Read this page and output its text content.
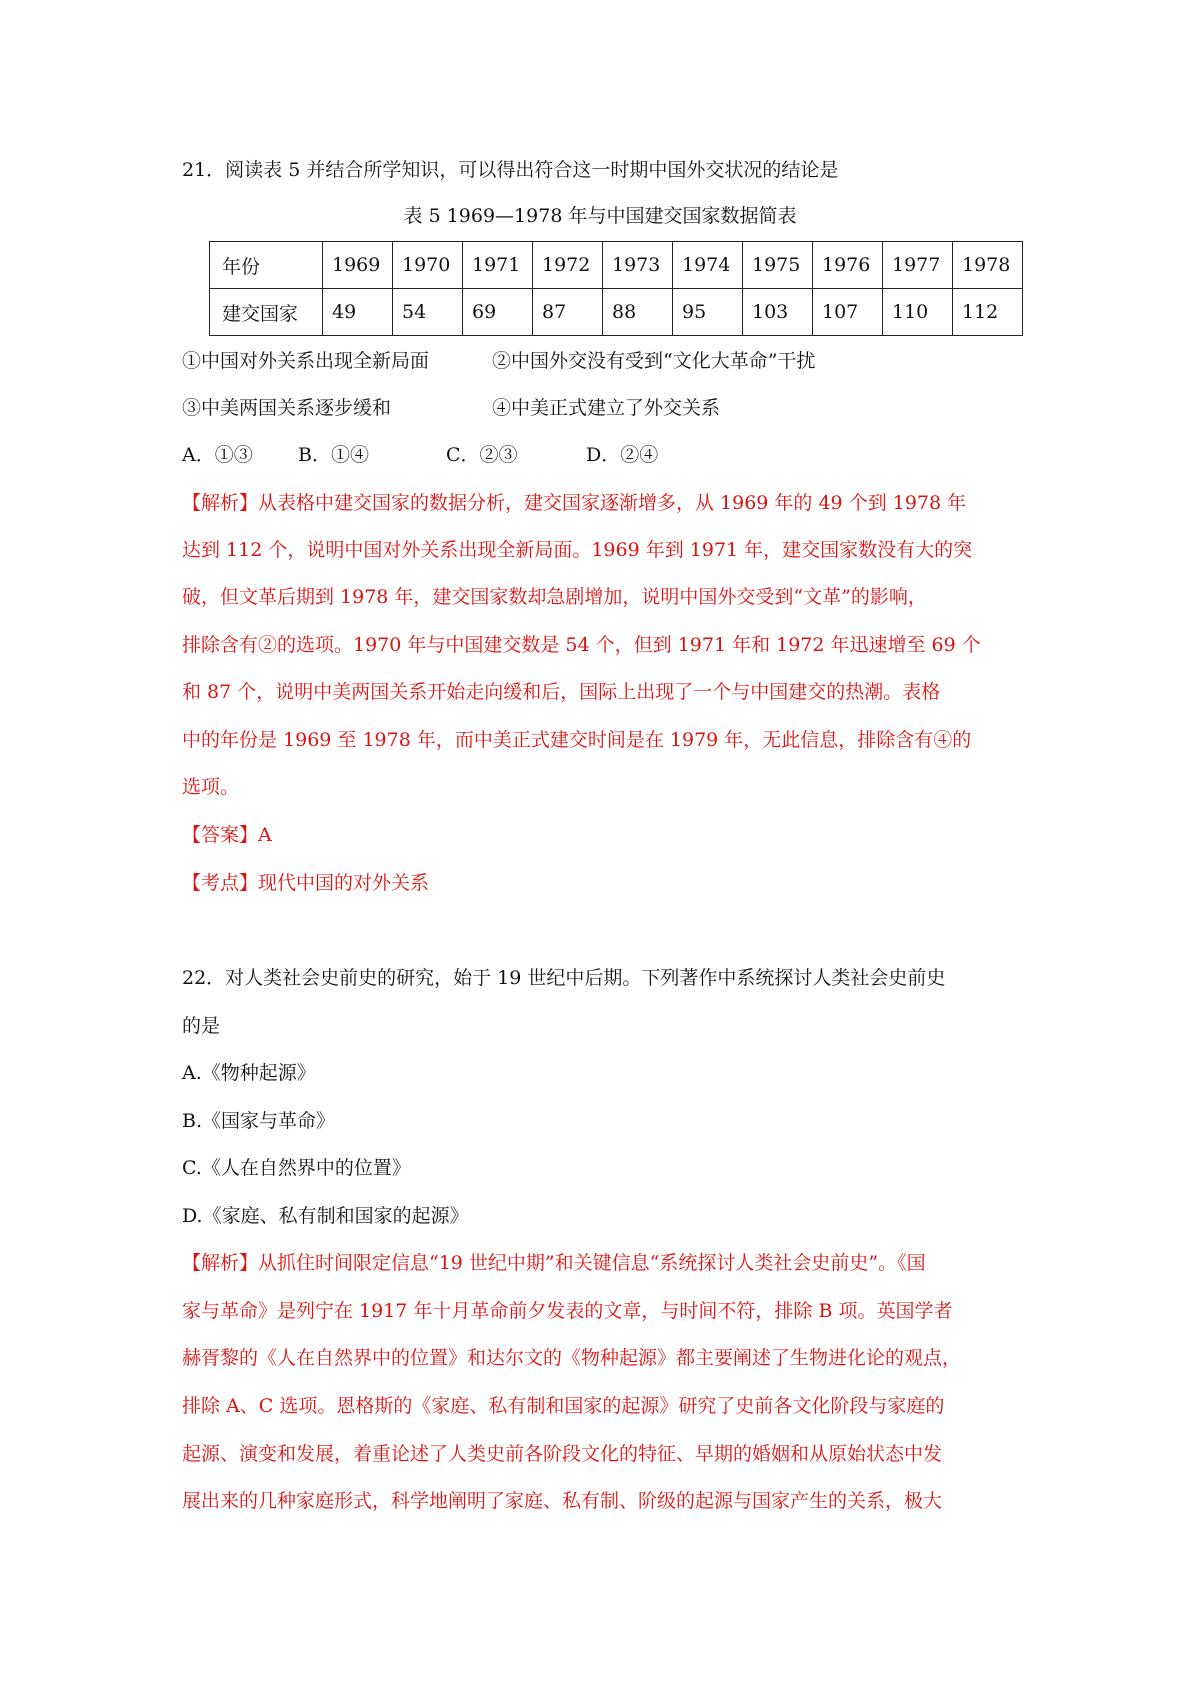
21．阅读表 5 并结合所学知识，可以得出符合这一时期中国外交状况的结论是
表 5 1969—1978 年与中国建交国家数据简表
年份	1969	1970	1971	1972	1973	1974	1975	1976	1977	1978
建交国家	49	54	69	87	88	95	103	107	110	112
①中国对外关系出现全新局面	②中国外交没有受到“文化大革命”干扰
③中美两国关系逐步缓和	④中美正式建立了外交关系
A．①③ B．①④	C．②③	D．②④
【解析】从表格中建交国家的数据分析，建交国家逐渐增多，从 1969 年的 49 个到 1978 年
达到 112 个，说明中国对外关系出现全新局面。1969 年到 1971 年，建交国家数没有大的突
破，但文革后期到 1978 年，建交国家数却急剧增加，说明中国外交受到“文革”的影响，
排除含有②的选项。1970 年与中国建交数是 54 个，但到 1971 年和 1972 年迅速增至 69 个
和 87 个，说明中美两国关系开始走向缓和后，国际上出现了一个与中国建交的热潮。表格
中的年份是 1969 至 1978 年，而中美正式建交时间是在 1979 年，无此信息，排除含有④的
选项。
【答案】A
【考点】现代中国的对外关系
22．对人类社会史前史的研究，始于 19 世纪中后期。下列著作中系统探讨人类社会史前史
的是
A.《物种起源》
B.《国家与革命》
C.《人在自然界中的位置》
D.《家庭、私有制和国家的起源》
【解析】从抓住时间限定信息“19 世纪中期”和关键信息“系统探讨人类社会史前史”。《国
家与革命》是列宁在 1917 年十月革命前夕发表的文章，与时间不符，排除 B 项。英国学者
赫胥黎的《人在自然界中的位置》和达尔文的《物种起源》都主要阐述了生物进化论的观点，
排除 A、C 选项。恩格斯的《家庭、私有制和国家的起源》研究了史前各文化阶段与家庭的
起源、演变和发展，着重论述了人类史前各阶段文化的特征、早期的婚姻和从原始状态中发
展出来的几种家庭形式，科学地阐明了家庭、私有制、阶级的起源与国家产生的关系，极大
